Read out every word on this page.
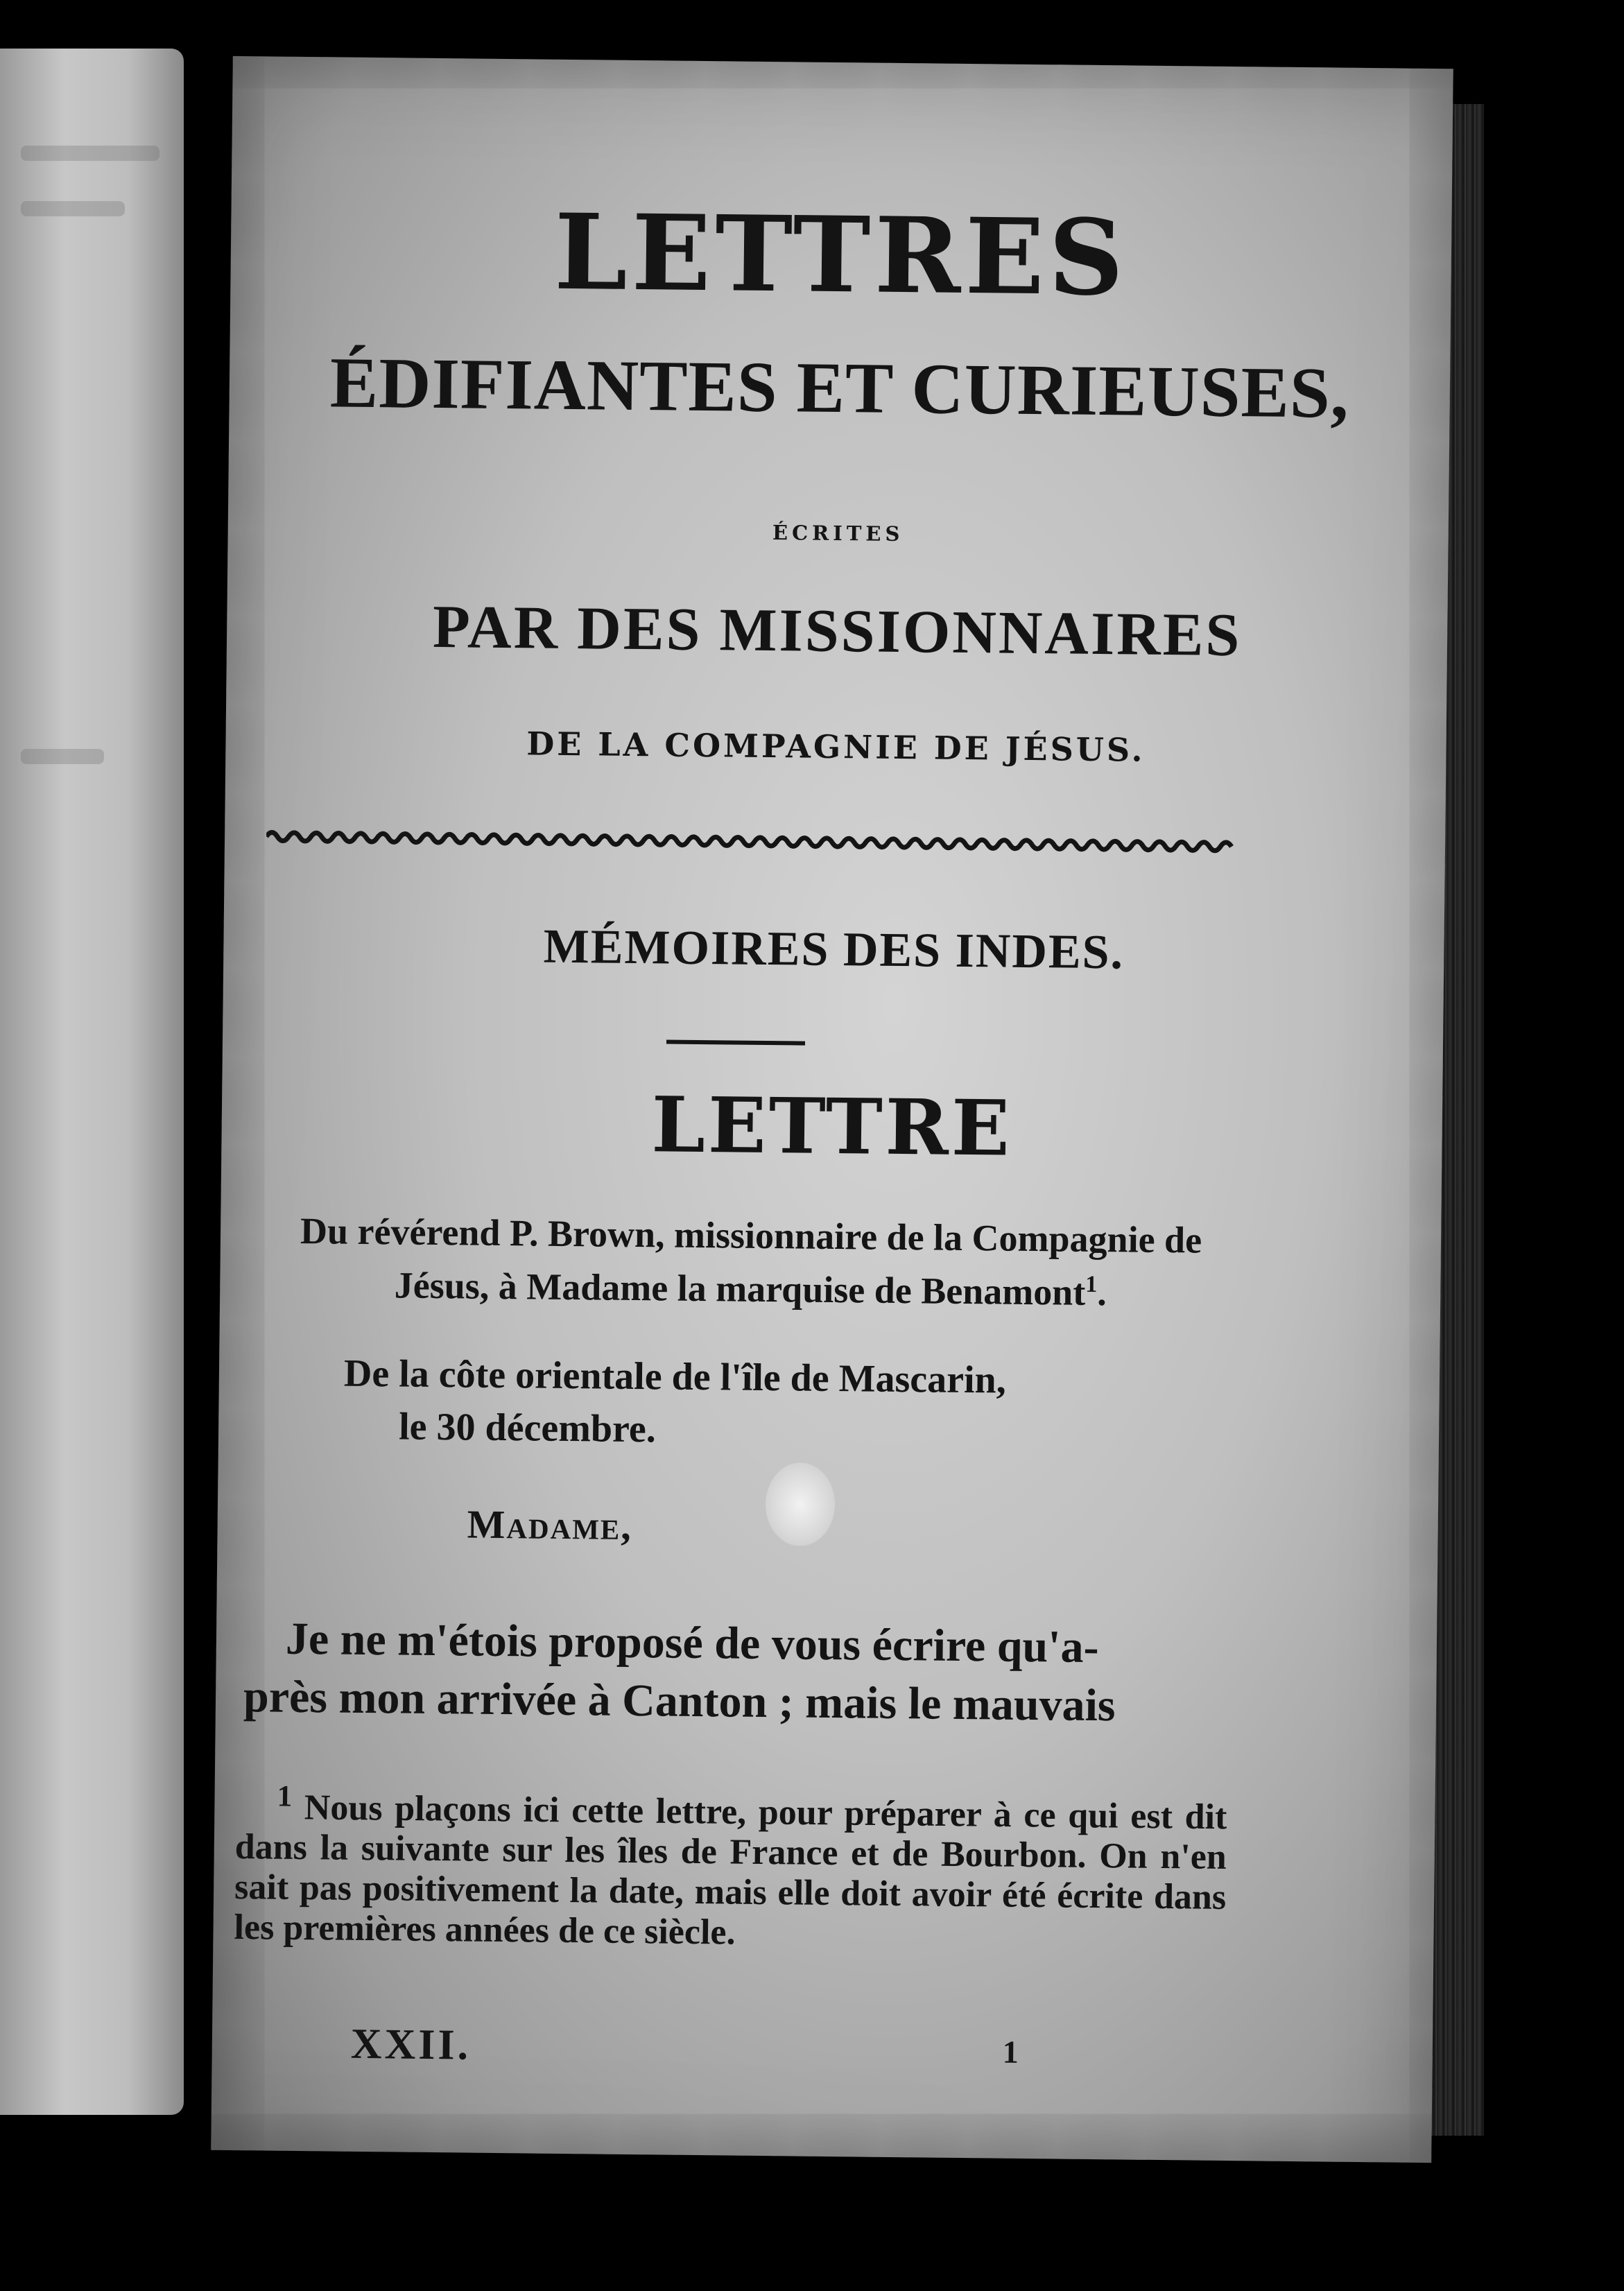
LETTRES
ÉDIFIANTES ET CURIEUSES,
écrites
PAR DES MISSIONNAIRES
DE LA COMPAGNIE DE JÉSUS.
MÉMOIRES DES INDES.
LETTRE
Du révérend P. Brown, missionnaire de la Compagnie de Jésus, à Madame la marquise de Benamont$^1$.
De la côte orientale de l'île de Mascarin,
le 30 décembre.
Madame,
Je ne m'étois proposé de vous écrire qu'a-
près mon arrivée à Canton ; mais le mauvais
$^1$ Nous plaçons ici cette lettre, pour préparer à ce qui est dit dans la suivante sur les îles de France et de Bourbon. On n'en sait pas positivement la date, mais elle doit avoir été écrite dans les premières années de ce siècle.
XXII.	1
